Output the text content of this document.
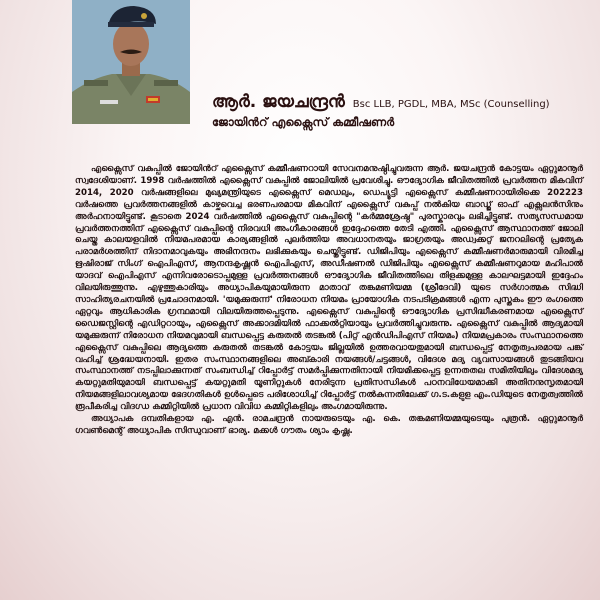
ആർ. ജയചന്ദ്രൻ Bsc LLB, PGDL, MBA, MSc (Counselling)
ജോയിൻറ് എക്സൈസ് കമ്മീഷണർ

എക്സൈസ് വകുപ്പിൽ ജോയിൻറ് എക്സൈസ് കമ്മീഷണറായി സേവനമനുഷ്ഠിച്ചുവരുന്ന ആർ. ജയചന്ദ്രൻ കോട്ടയം ഏറ്റുമാനൂർ സ്വദേശിയാണ്. 1998 വർഷത്തിൽ എക്സൈസ് വകുപ്പിൽ ജോലിയിൽ പ്രവേശിച്ചു. ഔദ്യോഗിക ജീവിതത്തിൽ പ്രവർത്തന മികവിന് 2014, 2020 വർഷങ്ങളിലെ മുഖ്യമന്ത്രിയുടെ എക്സൈസ് മെഡലും, ഡെപ്യൂട്ടി എക്സൈസ് കമ്മീഷണറായിരിക്കെ 202223 വർഷത്തെ പ്രവർത്തനങ്ങളിൽ കാഴ്ചവെച്ച ഭരണപരമായ മികവിന് എക്സൈസ് വകുപ്പ് നൽകിയ ബാഡ്ജ് ഓഫ് എക്സലൻസിനും അർഹനായിട്ടുണ്ട്. കൂടാതെ 2024 വർഷത്തിൽ എക്സൈസ് വകുപ്പിന്റെ "കർമ്മശ്രേഷ്ഠ" പുരസ്കാരവും ലഭിച്ചിട്ടുണ്ട്. സത്യസന്ധമായ പ്രവർത്തനത്തിന് എക്സൈസ് വകുപ്പിന്റെ നിരവധി അംഗീകാരങ്ങൾ ഇദ്ദേഹത്തെ തേടി എത്തി. എക്സൈസ് ആസ്ഥാനത്ത് ജോലി ചെയ്ത കാലയളവിൽ നിയമപരമായ കാര്യങ്ങളിൽ പുലർത്തിയ അവധാനതയും ജാഗ്രതയും അഡ്വക്കറ്റ് ജനറലിന്റെ പ്രത്യേക പരാമർശത്തിന് നിദാനമാവുകയും അഭിനന്ദനം ലഭിക്കുകയും ചെയ്തിട്ടുണ്ട്. ഡിജിപിയും എക്സൈസ് കമ്മീഷണർമാരുമായി വിരമിച്ച ഋഷിരാജ് സിംഗ് ഐപിഎസ്, ആനന്ദകൃഷ്ണൻ ഐപിഎസ്, അഡീഷണൽ ഡിജിപിയും എക്സൈസ് കമ്മീഷണറുമായ മഹിപാൽ യാദവ് ഐപിഎസ് എന്നിവരോടൊപ്പമുള്ള പ്രവർത്തനങ്ങൾ ഔദ്യോഗിക ജീവിതത്തിലെ തിളക്കമുള്ള കാലഘട്ടമായി ഇദ്ദേഹം വിലയിരുത്തുന്നു. എഴുത്തുകാരിയും അധ്യാപികയുമായിരുന്ന മാതാവ് തങ്കമണിയമ്മ (ശ്രീദേവി) യുടെ സർഗാത്മക സിദ്ധി സാഹിത്യരചനയിൽ പ്രചോദനമായി. 'യമുക്കുരുന്ന്' നിരോധന നിയമം പ്രായോഗിക നടപടിക്രമങ്ങൾ എന്ന പുസ്തകം ഈ രംഗത്തെ ഏറ്റവും ആധികാരിക ഗ്രന്ഥമായി വിലയിരുത്തപ്പെടുന്നു. എക്സൈസ് വകുപ്പിന്റെ ഔദ്യോഗിക പ്രസിദ്ധീകരണമായ എക്സൈസ് ഡൈജസ്റ്റിന്റെ എഡിറ്ററായും, എക്സൈസ് അക്കാദമിയിൽ ഫാക്കൽറ്റിയായും പ്രവർത്തിച്ചുവരുന്നു. എക്സൈസ് വകുപ്പിൽ ആദ്യമായി യമുക്കുരുന്ന് നിരോധന നിയമവുമായി ബന്ധപ്പെട്ട കരുതൽ തടങ്കൽ (പിറ്റ് എൻഡിപിഎസ് നിയമം) നിയമപ്രകാരം സംസ്ഥാനത്തെ എക്സൈസ് വകുപ്പിലെ ആദ്യത്തെ കരുതൽ തടങ്കൽ കോട്ടയം ജില്ലയിൽ ഉത്തരവായതുമായി ബന്ധപ്പെട്ട് നേതൃത്വപരമായ പങ്ക് വഹിച്ച് ശ്രദ്ധേയനായി. ഇതര സംസ്ഥാനങ്ങളിലെ അബ്കാരി നയങ്ങൾ/ചട്ടങ്ങൾ, വിദേശ മദ്യ വ്യവസായങ്ങൾ തുടങ്ങിയവ സംസ്ഥാനത്ത് നടപ്പിലാക്കുന്നത് സംബന്ധിച്ച് റിപ്പോർട്ട് സമർപ്പിക്കുന്നതിനായി നിയമിക്കപ്പെട്ട ഉന്നതതല സമിതിയിലും വിദേശമദ്യ കയറ്റുമതിയുമായി ബന്ധപ്പെട്ട് കയറ്റുമതി യൂണിറ്റുകൾ നേരിടുന്ന പ്രതിസന്ധികൾ പഠനവിധേയമാക്കി അതിനനുസൃതമായി നിയമങ്ങളിലാവശ്യമായ ഭേദഗതികൾ ഉൾപ്പെടെ പരിശോധിച്ച് റിപ്പോർട്ട് നൽകുന്നതിലേക്ക് ഗ.ട.കളുള എം.ഡിയുടെ നേതൃത്വത്തിൽ രൂപീകരിച്ച വിദഗ്ധ കമ്മിറ്റിയിൽ പ്രധാന വിവിധ കമ്മിറ്റികളിലും അംഗമായിരുന്നു.

അധ്യാപക ദമ്പതികളായ എ. എൻ. രാമചന്ദ്രൻ നായരുടെയും എ. കെ. തങ്കമണിയമ്മയുടെയും പുത്രൻ. ഏറ്റുമാനൂർ ഗവൺമെന്റ് അധ്യാപിക സിന്ധുവാണ് ഭാര്യ. മക്കൾ ഗൗതം ശ്യാം കൃഷ്ണ.
